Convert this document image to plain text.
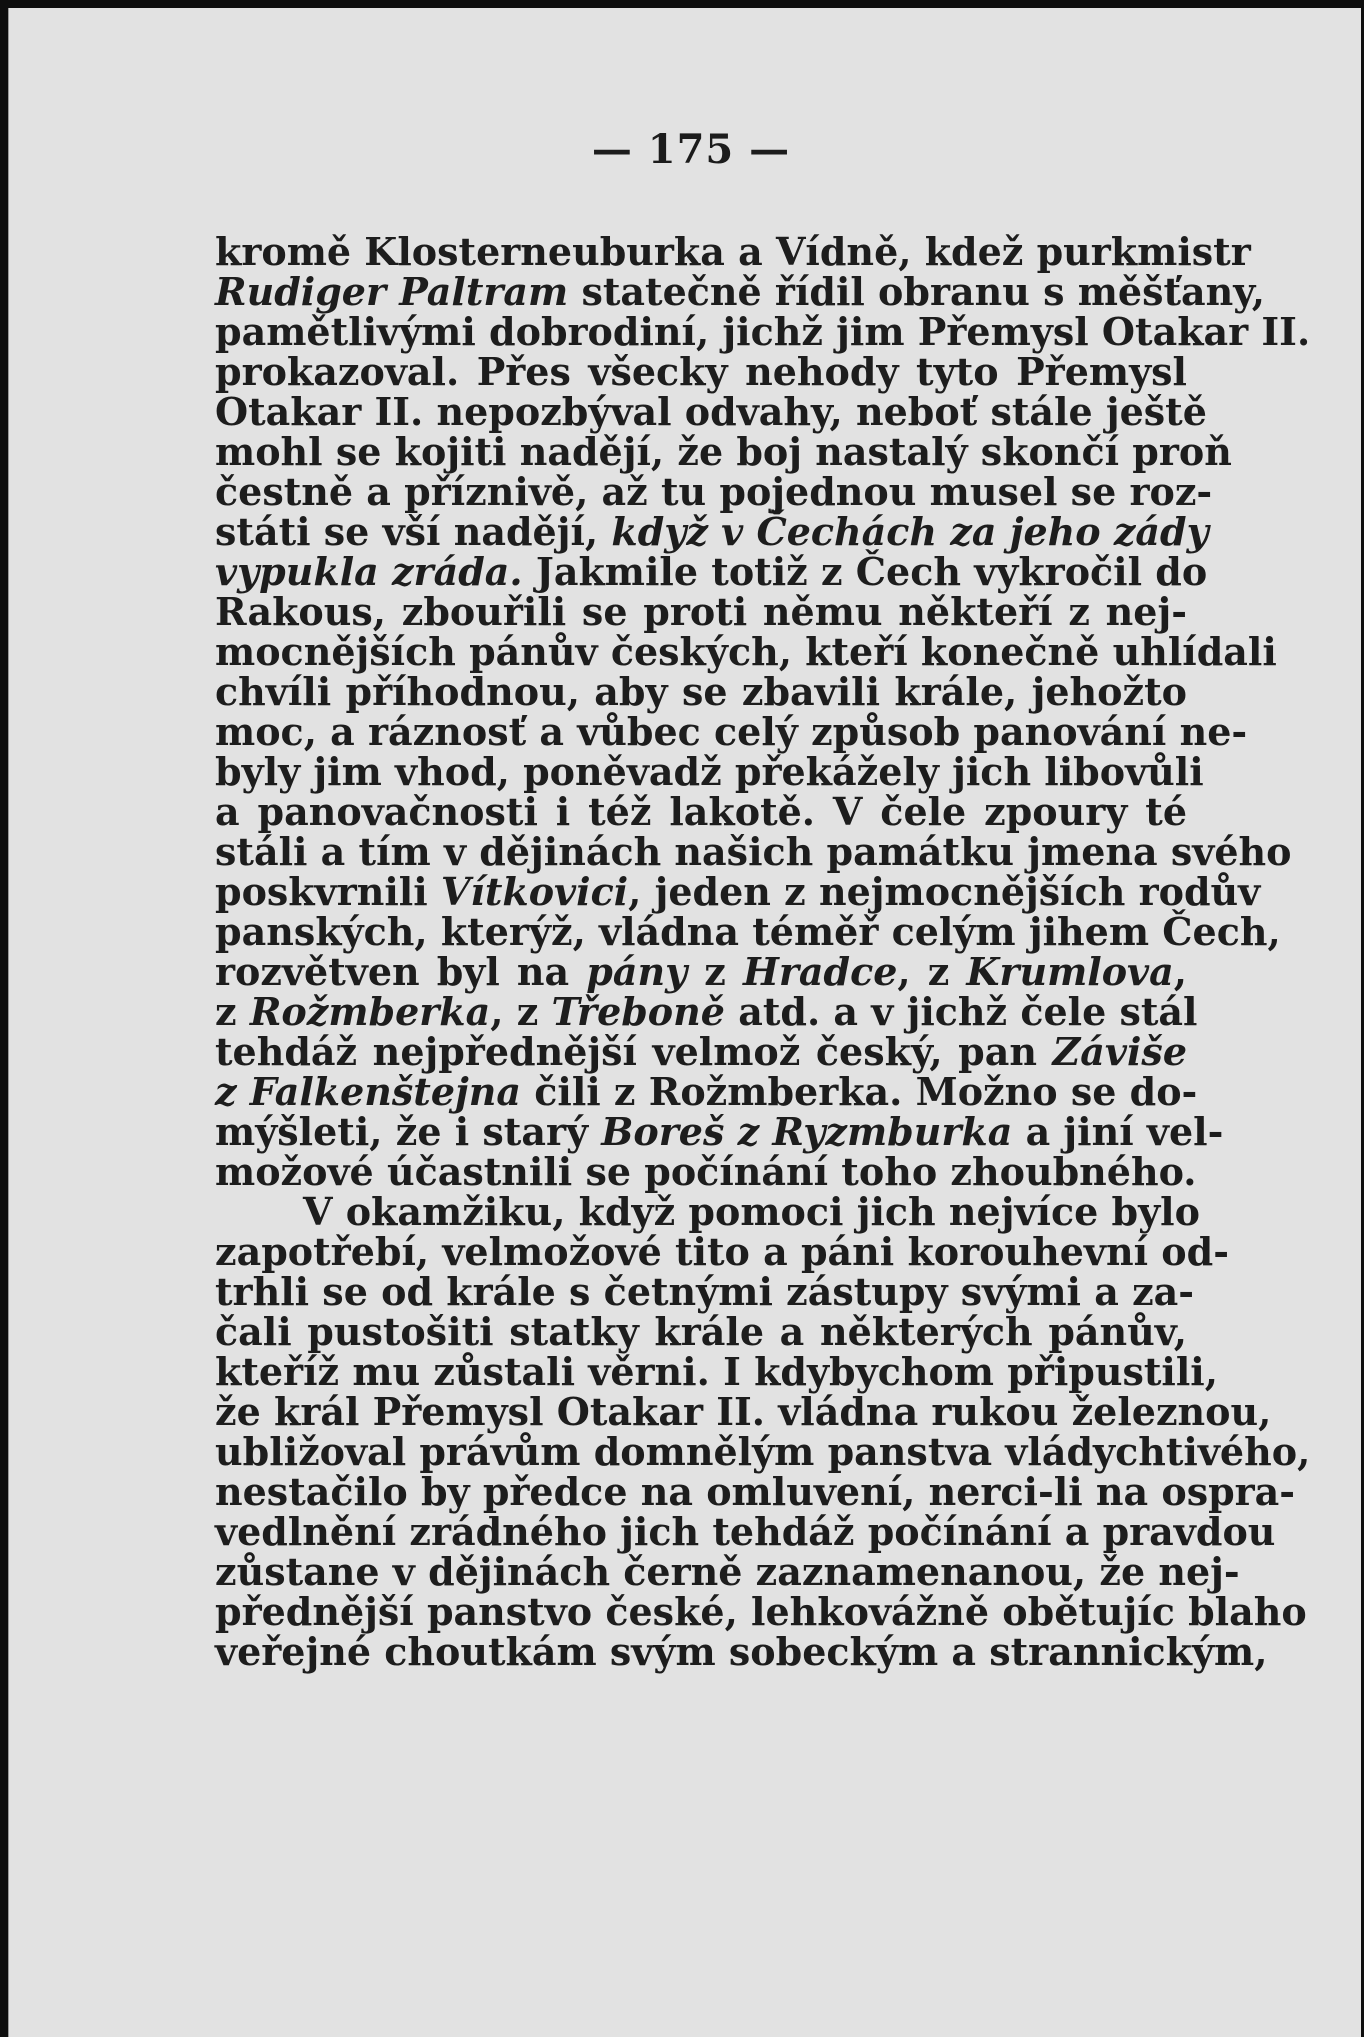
— 175 —
kromě Klosterneuburka a Vídně, kdež purkmistr
Rudiger Paltram statečně řídil obranu s měšťany,
pamětlivými dobrodiní, jichž jim Přemysl Otakar II.
prokazoval. Přes všecky nehody tyto Přemysl
Otakar II. nepozbýval odvahy, neboť stále ještě
mohl se kojiti nadějí, že boj nastalý skončí proň
čestně a příznivě, až tu pojednou musel se roz-
státi se vší nadějí, když v Čechách za jeho zády
vypukla zráda. Jakmile totiž z Čech vykročil do
Rakous, zbouřili se proti němu někteří z nej-
mocnějších pánův českých, kteří konečně uhlídali
chvíli příhodnou, aby se zbavili krále, jehožto
moc, a ráznosť a vůbec celý způsob panování ne-
byly jim vhod, poněvadž překážely jich libovůli
a panovačnosti i též lakotě. V čele zpoury té
stáli a tím v dějinách našich památku jmena svého
poskvrnili Vítkovici, jeden z nejmocnějších rodův
panských, kterýž, vládna téměř celým jihem Čech,
rozvětven byl na pány z Hradce, z Krumlova,
z Rožmberka, z Třeboně atd. a v jichž čele stál
tehdáž nejpřednější velmož český, pan Záviše
z Falkenštejna čili z Rožmberka. Možno se do-
mýšleti, že i starý Boreš z Ryzmburka a jiní vel-
možové účastnili se počínání toho zhoubného.
V okamžiku, když pomoci jich nejvíce bylo
zapotřebí, velmožové tito a páni korouhevní od-
trhli se od krále s četnými zástupy svými a za-
čali pustošiti statky krále a některých pánův,
kteříž mu zůstali věrni. I kdybychom připustili,
že král Přemysl Otakar II. vládna rukou železnou,
ubližoval právům domnělým panstva vládychtivého,
nestačilo by předce na omluvení, nerci-li na ospra-
vedlnění zrádného jich tehdáž počínání a pravdou
zůstane v dějinách černě zaznamenanou, že nej-
přednější panstvo české, lehkovážně obětujíc blaho
veřejné choutkám svým sobeckým a strannickým,
